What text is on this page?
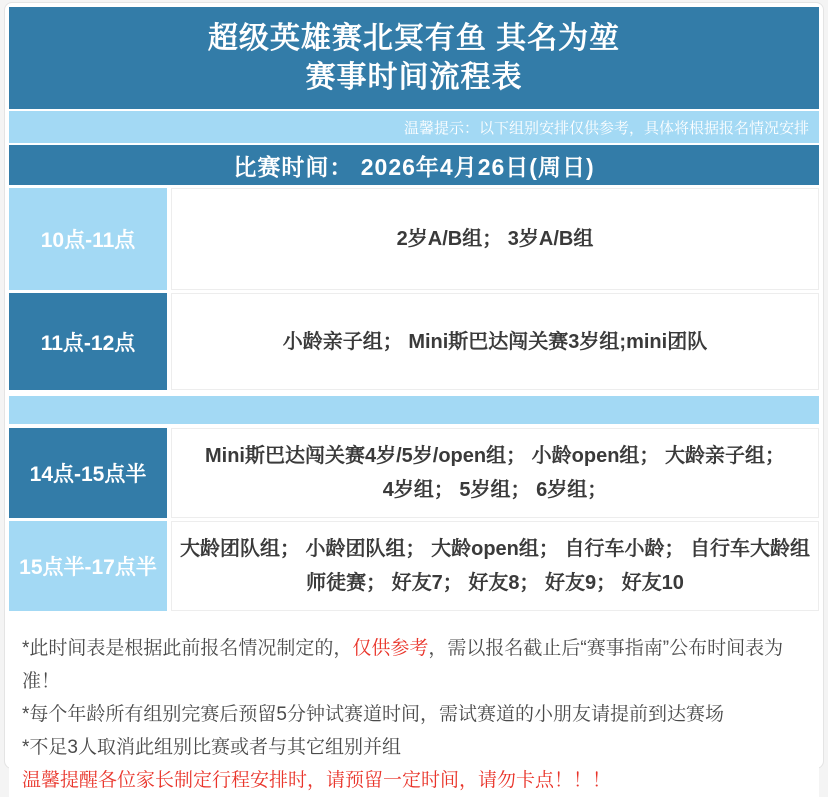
超级英雄赛北冥有鱼 其名为堃
赛事时间流程表
温馨提示：以下组别安排仅供参考，具体将根据报名情况安排
比赛时间： 2026年4月26日(周日)
10点-11点	2岁A/B组； 3岁A/B组
11点-12点	小龄亲子组； Mini斯巴达闯关赛3岁组;mini团队
14点-15点半
Mini斯巴达闯关赛4岁/5岁/open组； 小龄open组； 大龄亲子组；
4岁组； 5岁组； 6岁组；
15点半-17点半
大龄团队组； 小龄团队组； 大龄open组； 自行车小龄； 自行车大龄组
师徒赛； 好友7； 好友8； 好友9； 好友10
*此时间表是根据此前报名情况制定的，仅供参考，需以报名截止后“赛事指南”公布时间表为准！
*每个年龄所有组别完赛后预留5分钟试赛道时间，需试赛道的小朋友请提前到达赛场
*不足3人取消此组别比赛或者与其它组别并组
温馨提醒各位家长制定行程安排时，请预留一定时间，请勿卡点！！！
